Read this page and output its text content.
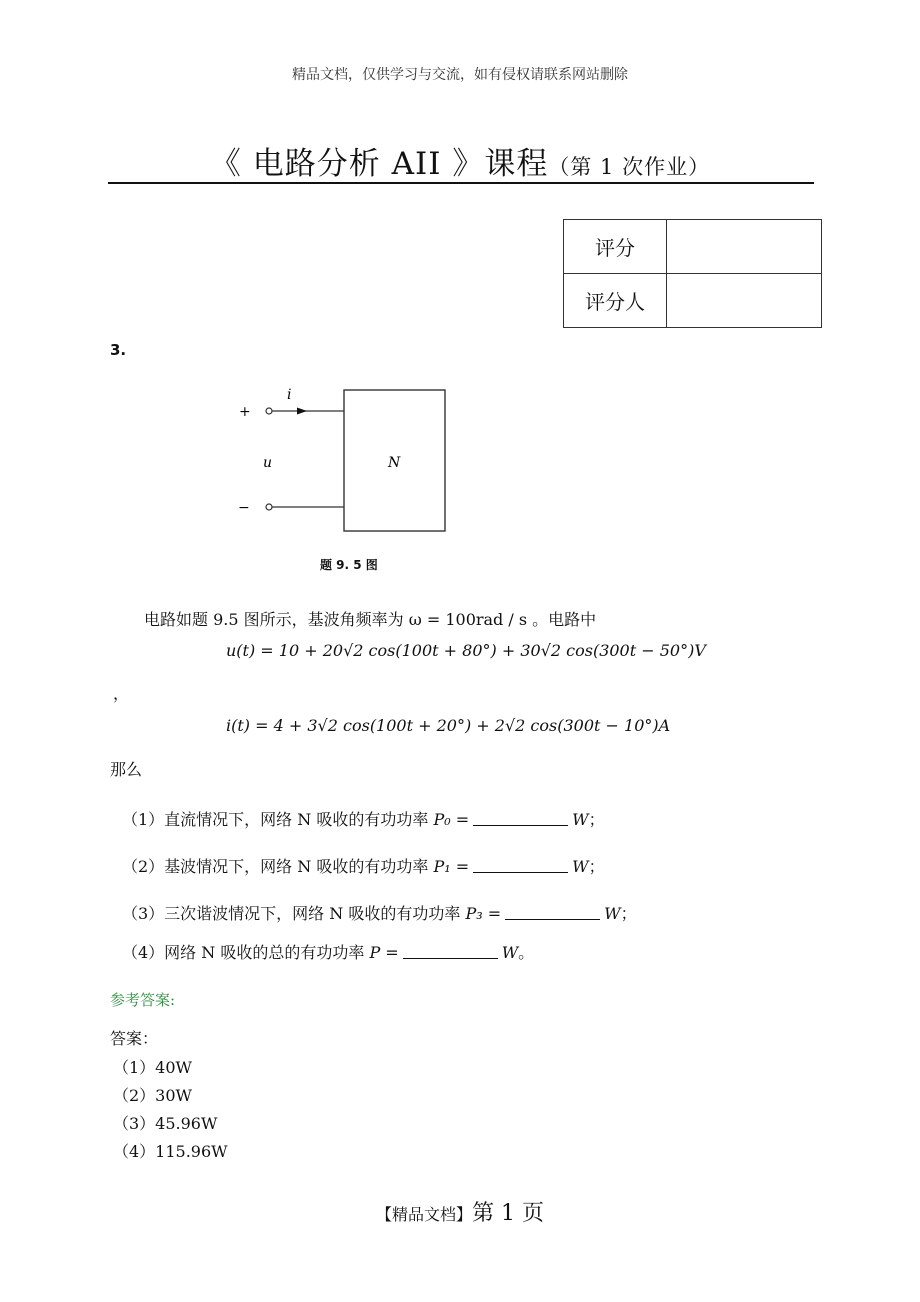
精品文档，仅供学习与交流，如有侵权请联系网站删除
《 电路分析 AII 》课程（第 1 次作业）
评分	
评分人	
3.
+
i
u
−
N
题 9. 5 图
电路如题 9.5 图所示，基波角频率为 ω = 100rad / s 。电路中
u(t) = 10 + 20√2 cos(100t + 80°) + 30√2 cos(300t − 50°)V
，
i(t) = 4 + 3√2 cos(100t + 20°) + 2√2 cos(300t − 10°)A
那么
（1）直流情况下，网络 N 吸收的有功功率 P₀ =	W；
（2）基波情况下，网络 N 吸收的有功功率 P₁ =	W；
（3）三次谐波情况下，网络 N 吸收的有功功率 P₃ =	W；
（4）网络 N 吸收的总的有功功率 P =	W。
参考答案:
答案：
（1）40W
（2）30W
（3）45.96W
（4）115.96W
【精品文档】第 1 页
